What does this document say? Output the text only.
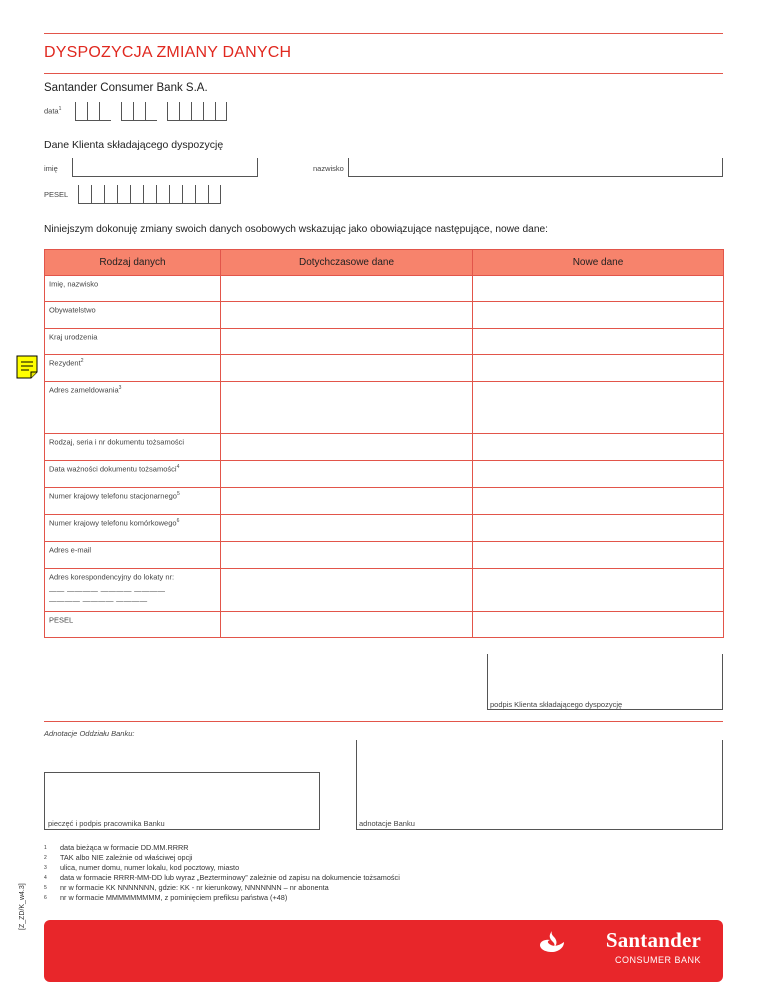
DYSPOZYCJA ZMIANY DANYCH
Santander Consumer Bank S.A.
data$^1$
Dane Klienta składającego dyspozycję
imię	nazwisko
PESEL
Niniejszym dokonuję zmiany swoich danych osobowych wskazując jako obowiązujące następujące, nowe dane:
Rodzaj danych	Dotychczasowe dane	Nowe dane
Imię, nazwisko		
Obywatelstwo		
Kraj urodzenia		
Rezydent$^2$		
Adres zameldowania$^3$		
Rodzaj, seria i nr dokumentu tożsamości		
Data ważności dokumentu tożsamości$^4$		
Numer krajowy telefonu stacjonarnego$^5$		
Numer krajowy telefonu komórkowego$^6$		
Adres e-mail		
Adres korespondencyjny do lokaty nr:
—— ———— ———— ————
———— ———— ————		

PESEL		
podpis Klienta składającego dyspozycję
Adnotacje Oddziału Banku:
pieczęć i podpis pracownika Banku	adnotacje Banku
1 data bieżąca w formacie DD.MM.RRRR
2 TAK albo NIE zależnie od właściwej opcji
3 ulica, numer domu, numer lokalu, kod pocztowy, miasto
4 data w formacie RRRR-MM-DD lub wyraz „Bezterminowy” zależnie od zapisu na dokumencie tożsamości
5 nr w formacie KK NNNNNNN, gdzie: KK - nr kierunkowy, NNNNNNN – nr abonenta
6 nr w formacie MMMMMMMMM, z pominięciem prefiksu państwa (+48)
[Z_ZD/K_w4.3]
Santander
CONSUMER BANK
